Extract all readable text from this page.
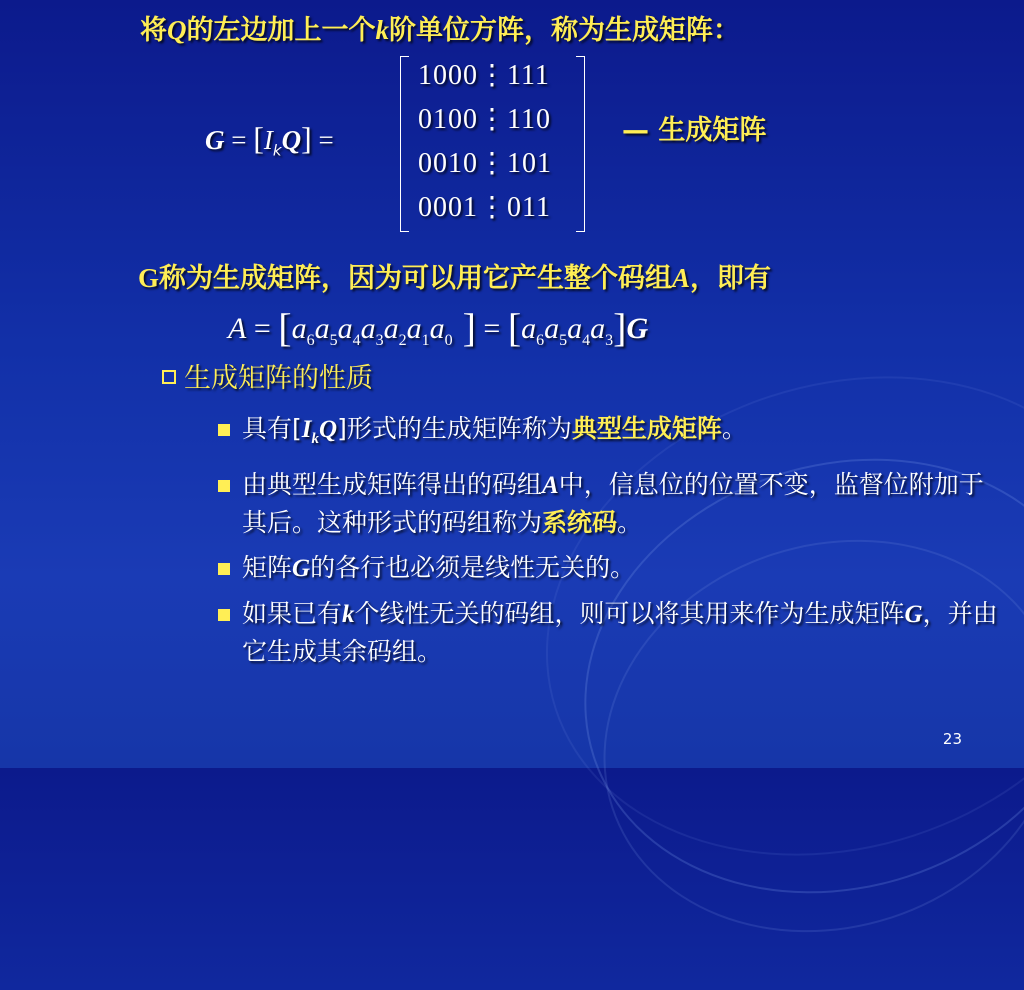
将Q的左边加上一个k阶单位方阵，称为生成矩阵：
$G = [I_kQ]$ =
1000⋮111
0100⋮110
0010⋮101
0001⋮011
— 生成矩阵
G称为生成矩阵，因为可以用它产生整个码组A，即有
$A = [a_6a_5a_4a_3a_2a_1a_0$ ] = $[a_6a_5a_4a_3]G$
生成矩阵的性质
具有$[I_kQ]$形式的生成矩阵称为典型生成矩阵。
由典型生成矩阵得出的码组A中，信息位的位置不变，监督位附加于其后。这种形式的码组称为系统码。
矩阵G的各行也必须是线性无关的。
如果已有k个线性无关的码组，则可以将其用来作为生成矩阵G，并由它生成其余码组。
23
